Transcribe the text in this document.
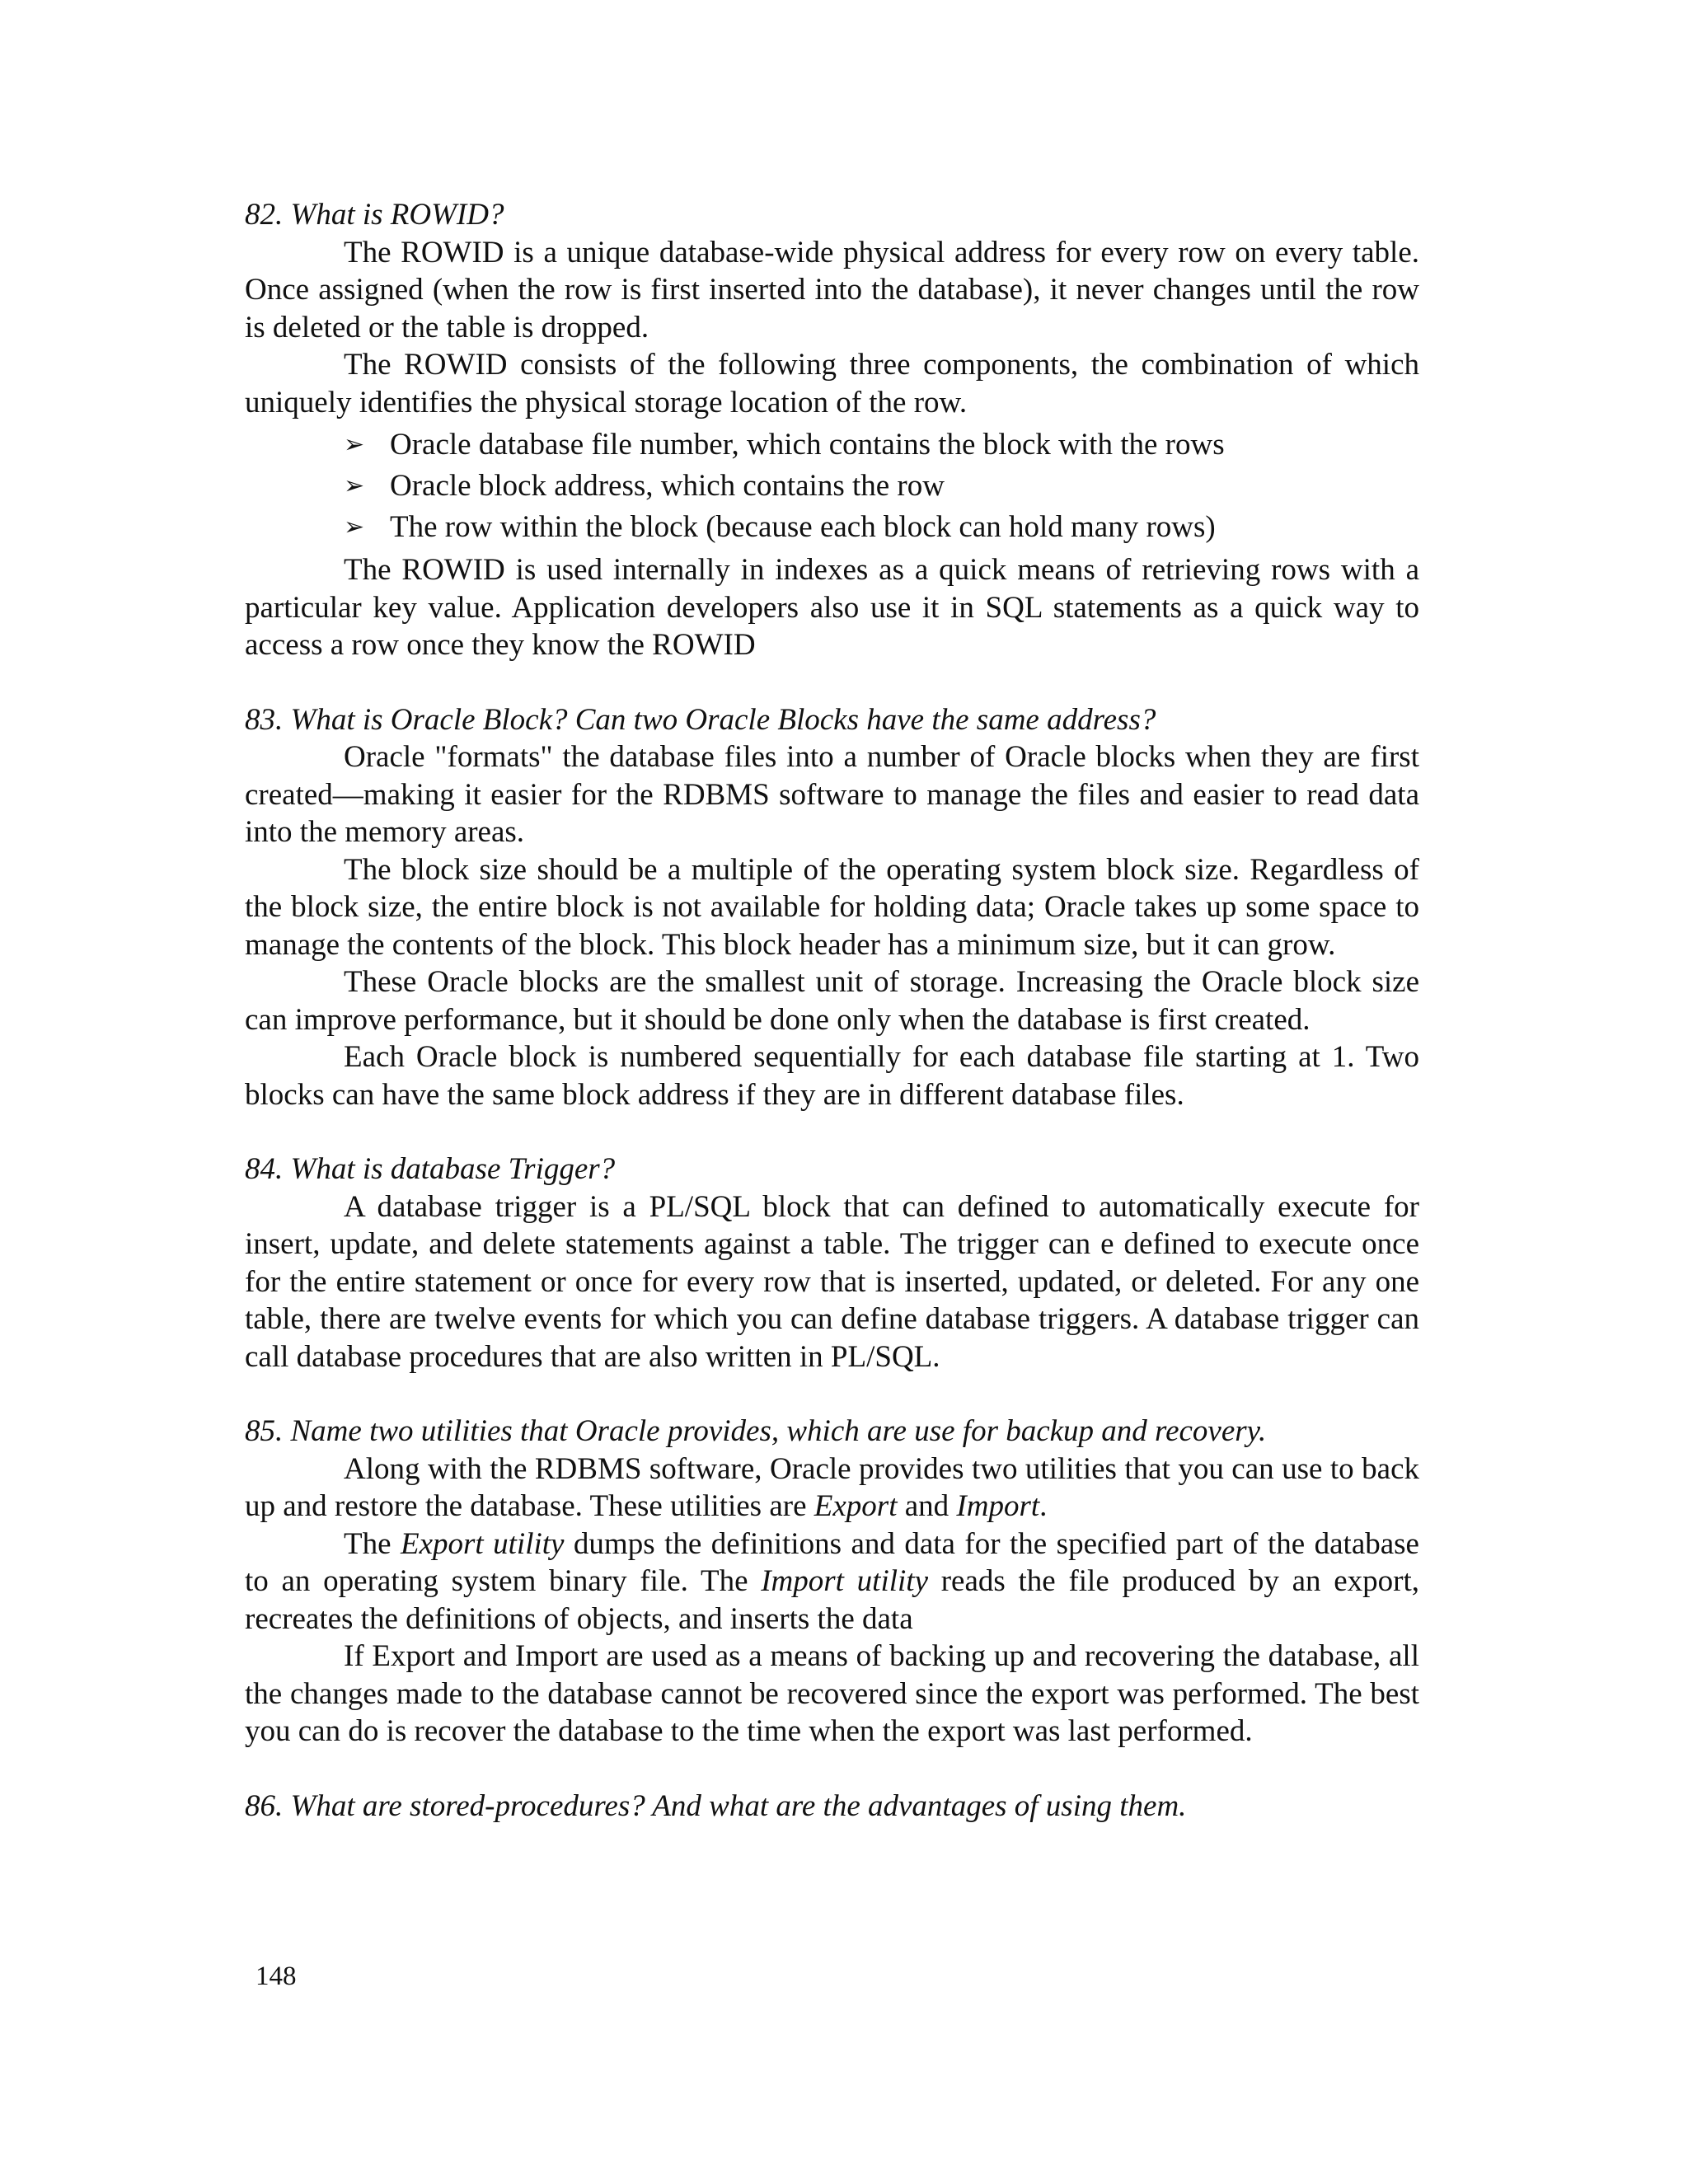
82. What is ROWID?

The ROWID is a unique database-wide physical address for every row on every table. Once assigned (when the row is first inserted into the database), it never changes until the row is deleted or the table is dropped.

The ROWID consists of the following three components, the combination of which uniquely identifies the physical storage location of the row.

➢ Oracle database file number, which contains the block with the rows
➢ Oracle block address, which contains the row
➢ The row within the block (because each block can hold many rows)

The ROWID is used internally in indexes as a quick means of retrieving rows with a particular key value. Application developers also use it in SQL statements as a quick way to access a row once they know the ROWID

83. What is Oracle Block? Can two Oracle Blocks have the same address?

Oracle "formats" the database files into a number of Oracle blocks when they are first created—making it easier for the RDBMS software to manage the files and easier to read data into the memory areas.

The block size should be a multiple of the operating system block size. Regardless of the block size, the entire block is not available for holding data; Oracle takes up some space to manage the contents of the block. This block header has a minimum size, but it can grow.

These Oracle blocks are the smallest unit of storage. Increasing the Oracle block size can improve performance, but it should be done only when the database is first created.

Each Oracle block is numbered sequentially for each database file starting at 1. Two blocks can have the same block address if they are in different database files.

84. What is database Trigger?

A database trigger is a PL/SQL block that can defined to automatically execute for insert, update, and delete statements against a table. The trigger can e defined to execute once for the entire statement or once for every row that is inserted, updated, or deleted. For any one table, there are twelve events for which you can define database triggers. A database trigger can call database procedures that are also written in PL/SQL.

85. Name two utilities that Oracle provides, which are use for backup and recovery.

Along with the RDBMS software, Oracle provides two utilities that you can use to back up and restore the database. These utilities are Export and Import.

The Export utility dumps the definitions and data for the specified part of the database to an operating system binary file. The Import utility reads the file produced by an export, recreates the definitions of objects, and inserts the data

If Export and Import are used as a means of backing up and recovering the database, all the changes made to the database cannot be recovered since the export was performed. The best you can do is recover the database to the time when the export was last performed.

86. What are stored-procedures? And what are the advantages of using them.

148
